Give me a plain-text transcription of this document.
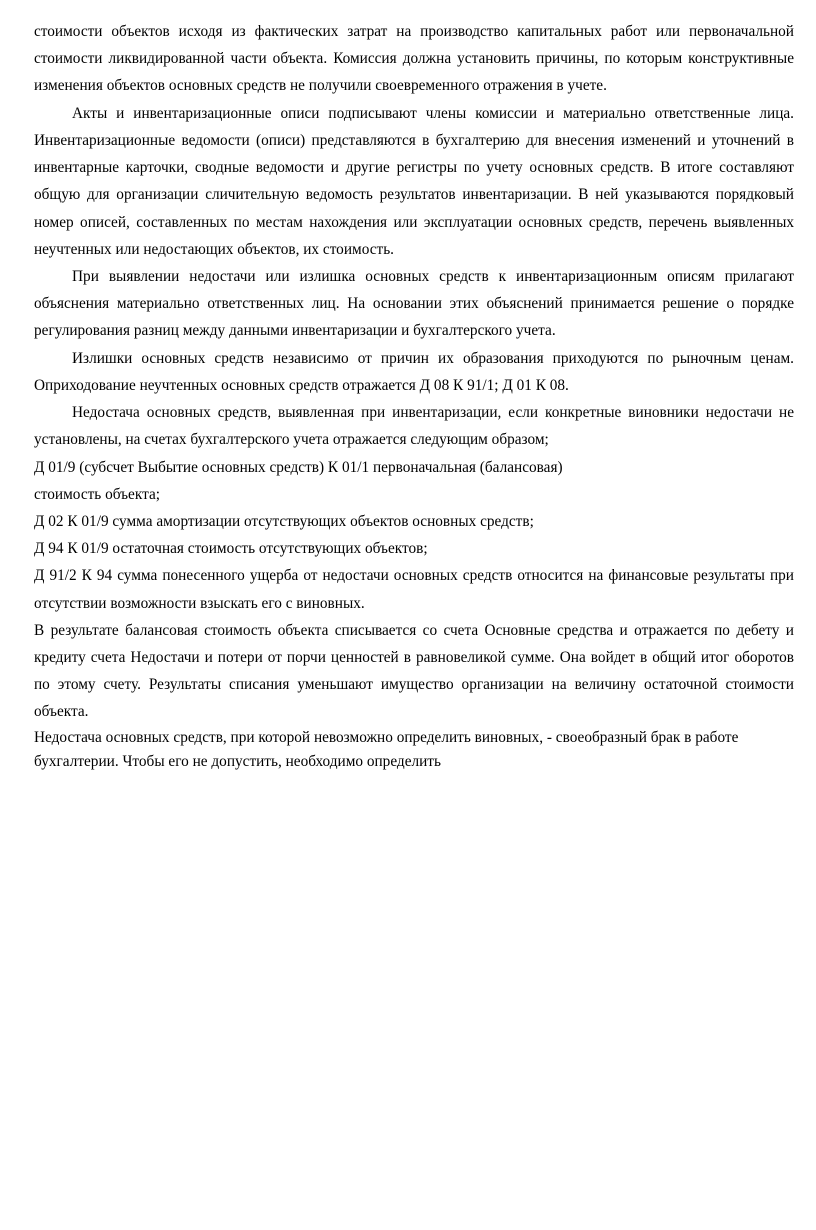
стоимости объектов исходя из фактических затрат на производство капитальных работ или первоначальной стоимости ликвидированной части объекта. Комиссия должна установить причины, по которым конструктивные изменения объектов основных средств не получили своевременного отражения в учете.

Акты и инвентаризационные описи подписывают члены комиссии и материально ответственные лица. Инвентаризационные ведомости (описи) представляются в бухгалтерию для внесения изменений и уточнений в инвентарные карточки, сводные ведомости и другие регистры по учету основных средств. В итоге составляют общую для организации сличительную ведомость результатов инвентаризации. В ней указываются порядковый номер описей, составленных по местам нахождения или эксплуатации основных средств, перечень выявленных неучтенных или недостающих объектов, их стоимость.

При выявлении недостачи или излишка основных средств к инвентаризационным описям прилагают объяснения материально ответственных лиц. На основании этих объяснений принимается решение о порядке регулирования разниц между данными инвентаризации и бухгалтерского учета.

Излишки основных средств независимо от причин их образования приходуются по рыночным ценам. Оприходование неучтенных основных средств отражается Д 08 К 91/1; Д 01 К 08.

Недостача основных средств, выявленная при инвентаризации, если конкретные виновники недостачи не установлены, на счетах бухгалтерского учета отражается следующим образом;

Д 01/9 (субсчет Выбытие основных средств) К 01/1 первоначальная (балансовая)

стоимость объекта;

Д 02 К 01/9 сумма амортизации отсутствующих объектов основных средств;

Д 94 К 01/9 остаточная стоимость отсутствующих объектов;

Д 91/2 К 94 сумма понесенного ущерба от недостачи основных средств относится на финансовые результаты при отсутствии возможности взыскать его с виновных.

В результате балансовая стоимость объекта списывается со счета Основные средства и отражается по дебету и кредиту счета Недостачи и потери от порчи ценностей в равновеликой сумме. Она войдет в общий итог оборотов по этому счету. Результаты списания уменьшают имущество организации на величину остаточной стоимости объекта.

Недостача основных средств, при которой невозможно определить виновных, - своеобразный брак в работе бухгалтерии. Чтобы его не допустить, необходимо определить
